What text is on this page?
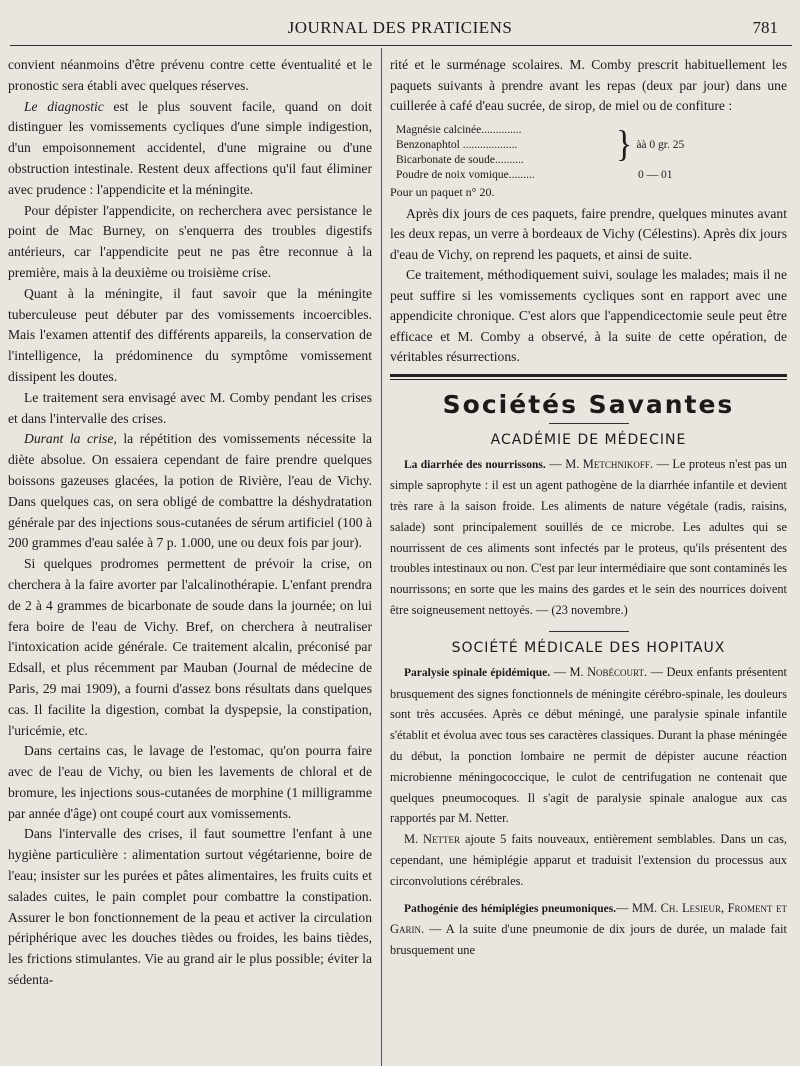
JOURNAL DES PRATICIENS	781

convient néanmoins d'être prévenu contre cette éventualité et le pronostic sera établi avec quelques réserves.

Le diagnostic est le plus souvent facile, quand on doit distinguer les vomissements cycliques d'une simple indigestion, d'un empoisonnement accidentel, d'une migraine ou d'une obstruction intestinale. Restent deux affections qu'il faut éliminer avec prudence : l'appendicite et la méningite.

Pour dépister l'appendicite, on recherchera avec persistance le point de Mac Burney, on s'enquerra des troubles digestifs antérieurs, car l'appendicite peut ne pas être reconnue à la première, mais à la deuxième ou troisième crise.

Quant à la méningite, il faut savoir que la méningite tuberculeuse peut débuter par des vomissements incoercibles. Mais l'examen attentif des différents appareils, la conservation de l'intelligence, la prédominence du symptôme vomissement dissipent les doutes.

Le traitement sera envisagé avec M. Comby pendant les crises et dans l'intervalle des crises.

Durant la crise, la répétition des vomissements nécessite la diète absolue. On essaiera cependant de faire prendre quelques boissons gazeuses glacées, la potion de Rivière, l'eau de Vichy. Dans quelques cas, on sera obligé de combattre la déshydratation générale par des injections sous-cutanées de sérum artificiel (100 à 200 grammes d'eau salée à 7 p. 1.000, une ou deux fois par jour).

Si quelques prodromes permettent de prévoir la crise, on cherchera à la faire avorter par l'alcalinothérapie. L'enfant prendra de 2 à 4 grammes de bicarbonate de soude dans la journée; on lui fera boire de l'eau de Vichy. Bref, on cherchera à neutraliser l'intoxication acide générale. Ce traitement alcalin, préconisé par Edsall, et plus récemment par Mauban (Journal de médecine de Paris, 29 mai 1909), a fourni d'assez bons résultats dans quelques cas. Il facilite la digestion, combat la dyspepsie, la constipation, l'uricémie, etc.

Dans certains cas, le lavage de l'estomac, qu'on pourra faire avec de l'eau de Vichy, ou bien les lavements de chloral et de bromure, les injections sous-cutanées de morphine (1 milligramme par année d'âge) ont coupé court aux vomissements.

Dans l'intervalle des crises, il faut soumettre l'enfant à une hygiène particulière : alimentation surtout végétarienne, boire de l'eau; insister sur les purées et pâtes alimentaires, les fruits cuits et salades cuites, le pain complet pour combattre la constipation. Assurer le bon fonctionnement de la peau et activer la circulation périphérique avec les douches tièdes ou froides, les bains tièdes, les frictions stimulantes. Vie au grand air le plus possible; éviter la sédenta-

rité et le surménage scolaires. M. Comby prescrit habituellement les paquets suivants à prendre avant les repas (deux par jour) dans une cuillerée à café d'eau sucrée, de sirop, de miel ou de confiture :

Magnésie calcinée..............
Benzonaphtol ...................
Bicarbonate de soude..........	} àà 0 gr. 25
Poudre de noix vomique.........	0 — 01
Pour un paquet n° 20.

Après dix jours de ces paquets, faire prendre, quelques minutes avant les deux repas, un verre à bordeaux de Vichy (Célestins). Après dix jours d'eau de Vichy, on reprend les paquets, et ainsi de suite.

Ce traitement, méthodiquement suivi, soulage les malades; mais il ne peut suffire si les vomissements cycliques sont en rapport avec une appendicite chronique. C'est alors que l'appendicectomie seule peut être efficace et M. Comby a observé, à la suite de cette opération, de véritables résurrections.

Sociétés Savantes
ACADÉMIE DE MÉDECINE

La diarrhée des nourrissons. — M. Metchnikoff. — Le proteus n'est pas un simple saprophyte : il est un agent pathogène de la diarrhée infantile et devient très rare à la saison froide. Les aliments de nature végétale (radis, raisins, salade) sont principalement souillés de ce microbe. Les adultes qui se nourrissent de ces aliments sont infectés par le proteus, qu'ils présentent des troubles intestinaux ou non. C'est par leur intermédiaire que sont contaminés les nourrissons; en sorte que les mains des gardes et le sein des nourrices doivent être soigneusement nettoyés. — (23 novembre.)

SOCIÉTÉ MÉDICALE DES HOPITAUX

Paralysie spinale épidémique. — M. Nobécourt. — Deux enfants présentent brusquement des signes fonctionnels de méningite cérébro-spinale, les douleurs sont très accusées. Après ce début méningé, une paralysie spinale infantile s'établit et évolua avec tous ses caractères classiques. Durant la phase méningée du début, la ponction lombaire ne permit de dépister aucune réaction microbienne méningococcique, le culot de centrifugation ne contenait que quelques pneumocoques. Il s'agit de paralysie spinale analogue aux cas rapportés par M. Netter.

M. Netter ajoute 5 faits nouveaux, entièrement semblables. Dans un cas, cependant, une hémiplégie apparut et traduisit l'extension du processus aux circonvolutions cérébrales.

Pathogénie des hémiplégies pneumoniques.— MM. Ch. Lesieur, Froment et Garin. — A la suite d'une pneumonie de dix jours de durée, un malade fait brusquement une
